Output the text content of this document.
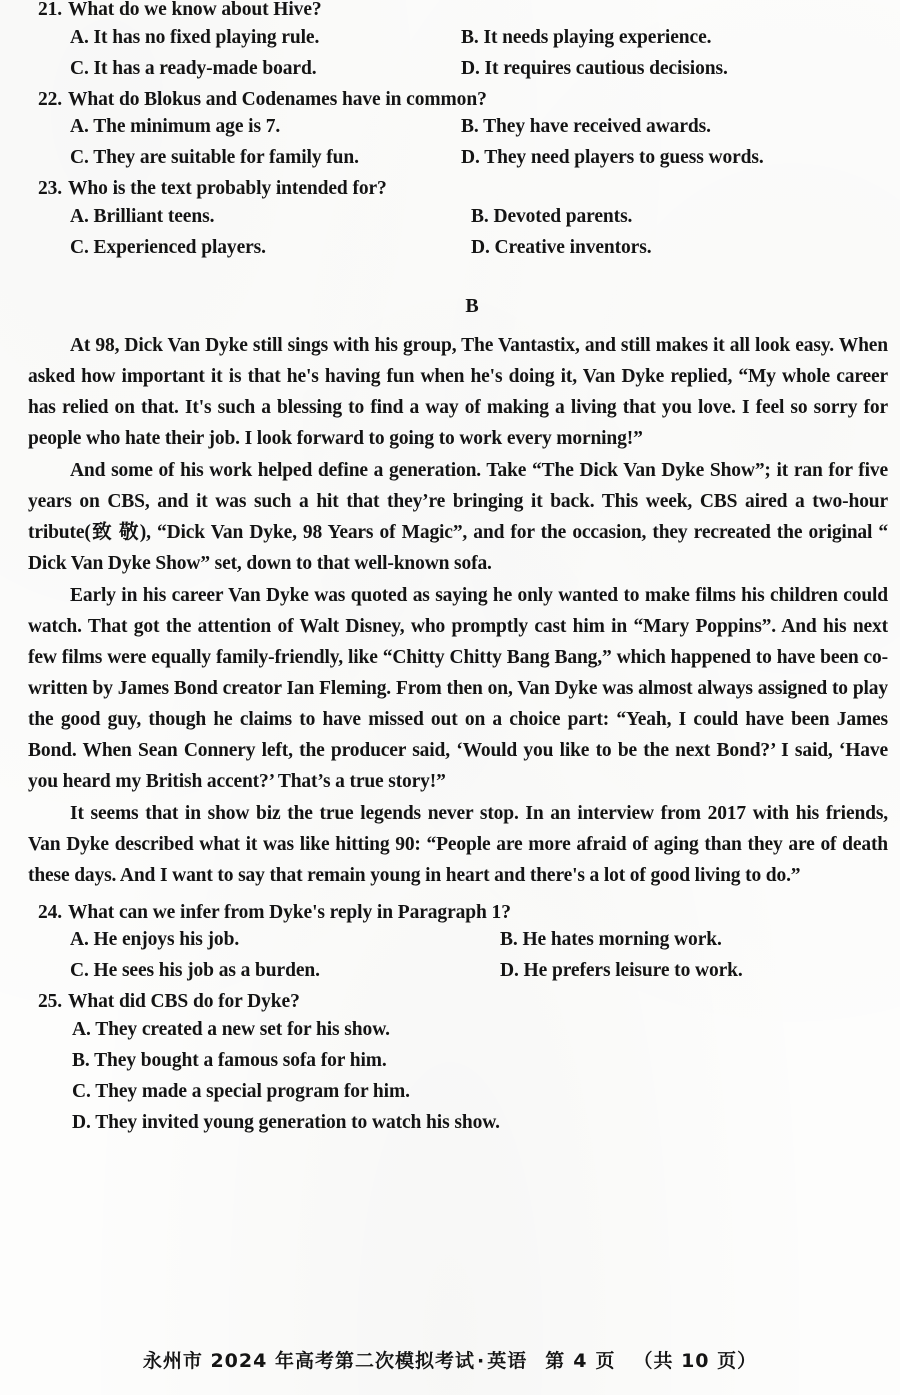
21. What do we know about Hive?
A. It has no fixed playing rule.	B. It needs playing experience.
C. It has a ready-made board.	D. It requires cautious decisions.
22. What do Blokus and Codenames have in common?
A. The minimum age is 7.	B. They have received awards.
C. They are suitable for family fun.	D. They need players to guess words.
23. Who is the text probably intended for?
A. Brilliant teens.	B. Devoted parents.
C. Experienced players.	D. Creative inventors.
B

At 98, Dick Van Dyke still sings with his group, The Vantastix, and still makes it all look easy. When asked how important it is that he's having fun when he's doing it, Van Dyke replied, “My whole career has relied on that. It's such a blessing to find a way of making a living that you love. I feel so sorry for people who hate their job. I look forward to going to work every morning!”

And some of his work helped define a generation. Take “The Dick Van Dyke Show”; it ran for five years on CBS, and it was such a hit that they’re bringing it back. This week, CBS aired a two-hour tribute(致 敬), “Dick Van Dyke, 98 Years of Magic”, and for the occasion, they recreated the original “ Dick Van Dyke Show” set, down to that well-known sofa.

Early in his career Van Dyke was quoted as saying he only wanted to make films his children could watch. That got the attention of Walt Disney, who promptly cast him in “Mary Poppins”. And his next few films were equally family-friendly, like “Chitty Chitty Bang Bang,” which happened to have been co-written by James Bond creator Ian Fleming. From then on, Van Dyke was almost always assigned to play the good guy, though he claims to have missed out on a choice part: “Yeah, I could have been James Bond. When Sean Connery left, the producer said, ‘Would you like to be the next Bond?’ I said, ‘Have you heard my British accent?’ That’s a true story!”

It seems that in show biz the true legends never stop. In an interview from 2017 with his friends, Van Dyke described what it was like hitting 90: “People are more afraid of aging than they are of death these days. And I want to say that remain young in heart and there's a lot of good living to do.”

24. What can we infer from Dyke's reply in Paragraph 1?
A. He enjoys his job.	B. He hates morning work.
C. He sees his job as a burden.	D. He prefers leisure to work.
25. What did CBS do for Dyke?
A. They created a new set for his show.
B. They bought a famous sofa for him.
C. They made a special program for him.
D. They invited young generation to watch his show.
永州市 2024 年高考第二次模拟考试 · 英语 第 4 页 （共 10 页）
